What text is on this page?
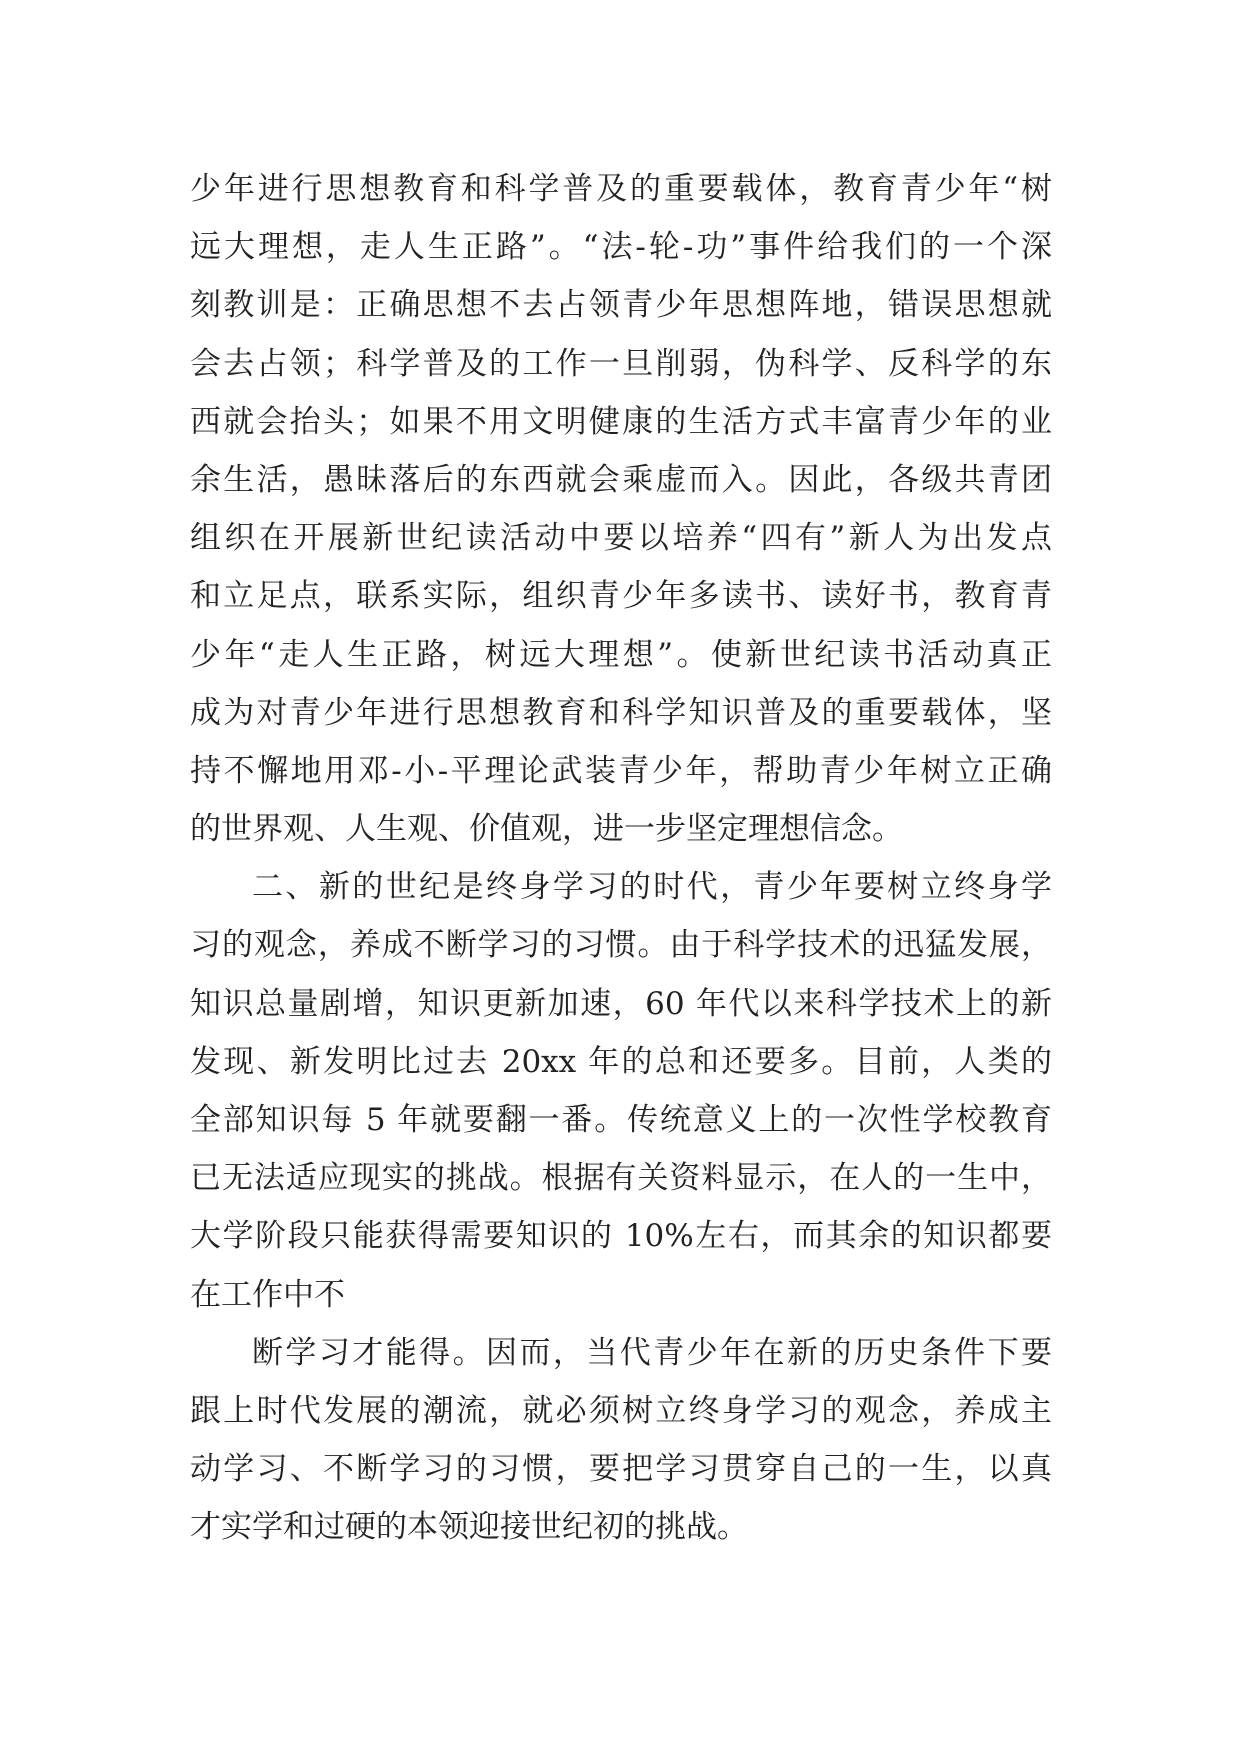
少年进行思想教育和科学普及的重要载体，教育青少年“树
远大理想，走人生正路”。“法-轮-功”事件给我们的一个深
刻教训是：正确思想不去占领青少年思想阵地，错误思想就
会去占领；科学普及的工作一旦削弱，伪科学、反科学的东
西就会抬头；如果不用文明健康的生活方式丰富青少年的业
余生活，愚昧落后的东西就会乘虚而入。因此，各级共青团
组织在开展新世纪读活动中要以培养“四有”新人为出发点
和立足点，联系实际，组织青少年多读书、读好书，教育青
少年“走人生正路，树远大理想”。使新世纪读书活动真正
成为对青少年进行思想教育和科学知识普及的重要载体，坚
持不懈地用邓-小-平理论武装青少年，帮助青少年树立正确
的世界观、人生观、价值观，进一步坚定理想信念。
二、新的世纪是终身学习的时代，青少年要树立终身学
习的观念，养成不断学习的习惯。由于科学技术的迅猛发展，
知识总量剧增，知识更新加速，60 年代以来科学技术上的新
发现、新发明比过去 20xx 年的总和还要多。目前，人类的
全部知识每 5 年就要翻一番。传统意义上的一次性学校教育
已无法适应现实的挑战。根据有关资料显示，在人的一生中，
大学阶段只能获得需要知识的 10%左右，而其余的知识都要
在工作中不
断学习才能得。因而，当代青少年在新的历史条件下要
跟上时代发展的潮流，就必须树立终身学习的观念，养成主
动学习、不断学习的习惯，要把学习贯穿自己的一生，以真
才实学和过硬的本领迎接世纪初的挑战。
